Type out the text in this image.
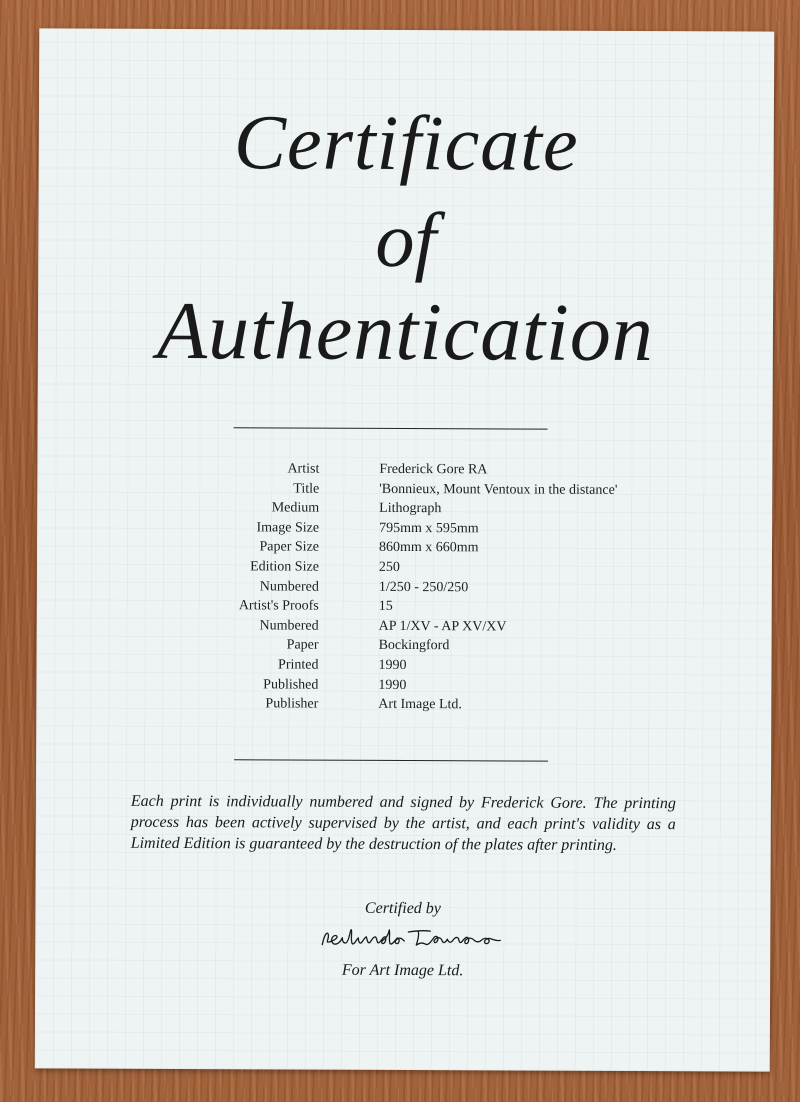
Certificate
of
Authentication
Artist	Frederick Gore RA
Title	'Bonnieux, Mount Ventoux in the distance'
Medium	Lithograph
Image Size	795mm x 595mm
Paper Size	860mm x 660mm
Edition Size	250
Numbered	1/250 - 250/250
Artist's Proofs	15
Numbered	AP 1/XV - AP XV/XV
Paper	Bockingford
Printed	1990
Published	1990
Publisher	Art Image Ltd.
Each print is individually numbered and signed by Frederick Gore. The printing process has been actively supervised by the artist, and each print's validity as a Limited Edition is guaranteed by the destruction of the plates after printing.
Certified by
For Art Image Ltd.
